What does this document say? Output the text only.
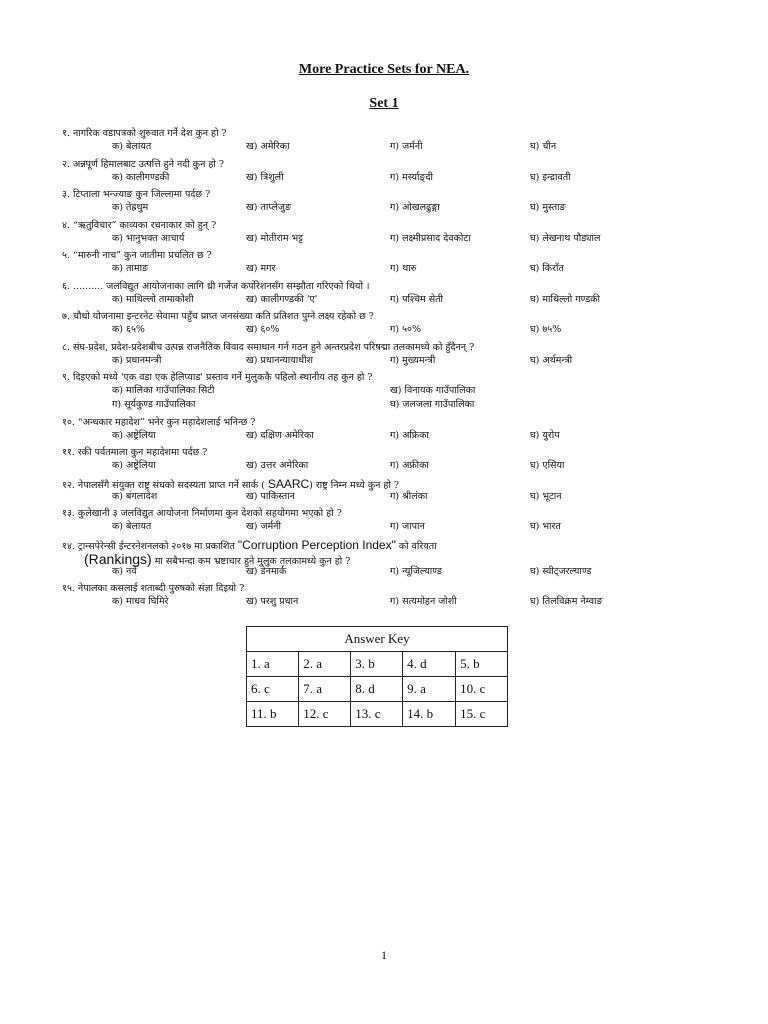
More Practice Sets for NEA.
Set 1
१. नागरिक वडापत्रको शुरुवात गर्ने देश कुन हो ?
क) बेलायत	ख) अमेरिका	ग) जर्मनी	घ) चीन
२. अन्नपूर्ण हिमालबाट उत्पत्ति हुने नदी कुन हो ?
क) कालीगण्डकी	ख) त्रिशुली	ग) मर्स्याङ्दी	घ) इन्द्रावती
३. टिप्ताला भन्ज्याङ कुन जिल्लामा पर्दछ ?
क) तेह्रथुम	ख) ताप्लेजुङ	ग) ओखलढुङ्गा	घ) मुस्ताङ
४. “ऋतुविचार” काव्यका रचनाकार को हुन् ?
क) भानुभक्त आचार्य	ख) मोतीराम भट्ट	ग) लक्ष्मीप्रसाद देवकोटा	घ) लेखनाथ पौड्याल
५. “मारुनी नाच” कुन जातीमा प्रचलित छ ?
क) तामाङ	ख) मगर	ग) थारु	घ) किराँत
६. .......... जलविद्युत आयोजनाका लागि थ्री गर्जेज कर्पोरेशनसँग सम्झौता गरिएको थियो ।
क) माथिल्लो तामाकोशी	ख) कालीगण्डकी 'ए'	ग) पश्चिम सेती	घ) माथिल्लो गण्डकी
७. चौधो योजनामा इन्टरनेट सेवामा पहुँच प्राप्त जनसंख्या कति प्रतिशत पुग्ने लक्ष्य रहेको छ ?
क) ६५%	ख) ६०%	ग) ५०%	घ) ७५%
८. संघ-प्रदेश, प्रदेश-प्रदेशबीच उत्पन्न राजनैतिक विवाद समाधान गर्न गठन हुने अन्तरप्रदेश परिषद्मा तलकामध्ये को हुँदैनन् ?
क) प्रधानमन्त्री	ख) प्रधानन्यायाधीश	ग) मुख्यमन्त्री	घ) अर्थमन्त्री
९. दिइएको मध्ये 'एक वडा एक हेलिप्याड' प्रस्ताव गर्ने मुलुककै पहिलो स्थानीय तह कुन हो ?
क) मालिका गाउँपालिका सिटी	ख) विनायक गाउँपालिका
ग) सूर्यकुण्ड गाउँपालिका	घ) जलजला गाउँपालिका
१०. “अन्धकार महादेश” भनेर कुन महादेशलाई भनिन्छ ?
क) अष्ट्रेलिया	ख) दक्षिण अमेरिका	ग) अफ्रिका	घ) युरोप
११. रकी पर्वतमाला कुन महादेशमा पर्दछ ?
क) अष्ट्रेलिया	ख) उत्तर अमेरिका	ग) अफ्रीका	घ) एसिया
१२. नेपालसँगै संयुक्त राष्ट्र संघको सदस्यता प्राप्त गर्ने सार्क ( SAARC) राष्ट्र निम्न मध्ये कुन हो ?
क) बंगलादेश	ख) पाकिस्तान	ग) श्रीलंका	घ) भूटान
१३. कुलेखानी ३ जलविद्युत आयोजना निर्माणमा कुन देशको सहयोगमा भएको हो ?
क) बेलायत	ख) जर्मनी	ग) जापान	घ) भारत
१४. ट्रान्सपेरेन्सी ईन्टरनेशनलको २०१७ मा प्रकाशित "Corruption Perception Index" को वरियता
(Rankings) मा सबैभन्दा कम भ्रष्टाचार हुने मुलुक तलकामध्ये कुन हो ?
क) नर्वे	ख) डेनमार्क	ग) न्यूजिल्याण्ड	घ) स्वीट्जरल्याण्ड
१५. नेपालका कसलाई शताब्दी पुरुषको संज्ञा दिइयो ?
क) माधव घिमिरे	ख) परशु प्रधान	ग) सत्यमोहन जोशी	घ) तिलविक्रम नेम्वाङ
Answer Key				
1. a	2. a	3. b	4. d	5. b
6. c	7. a	8. d	9. a	10. c
11. b	12. c	13. c	14. b	15. c
1
